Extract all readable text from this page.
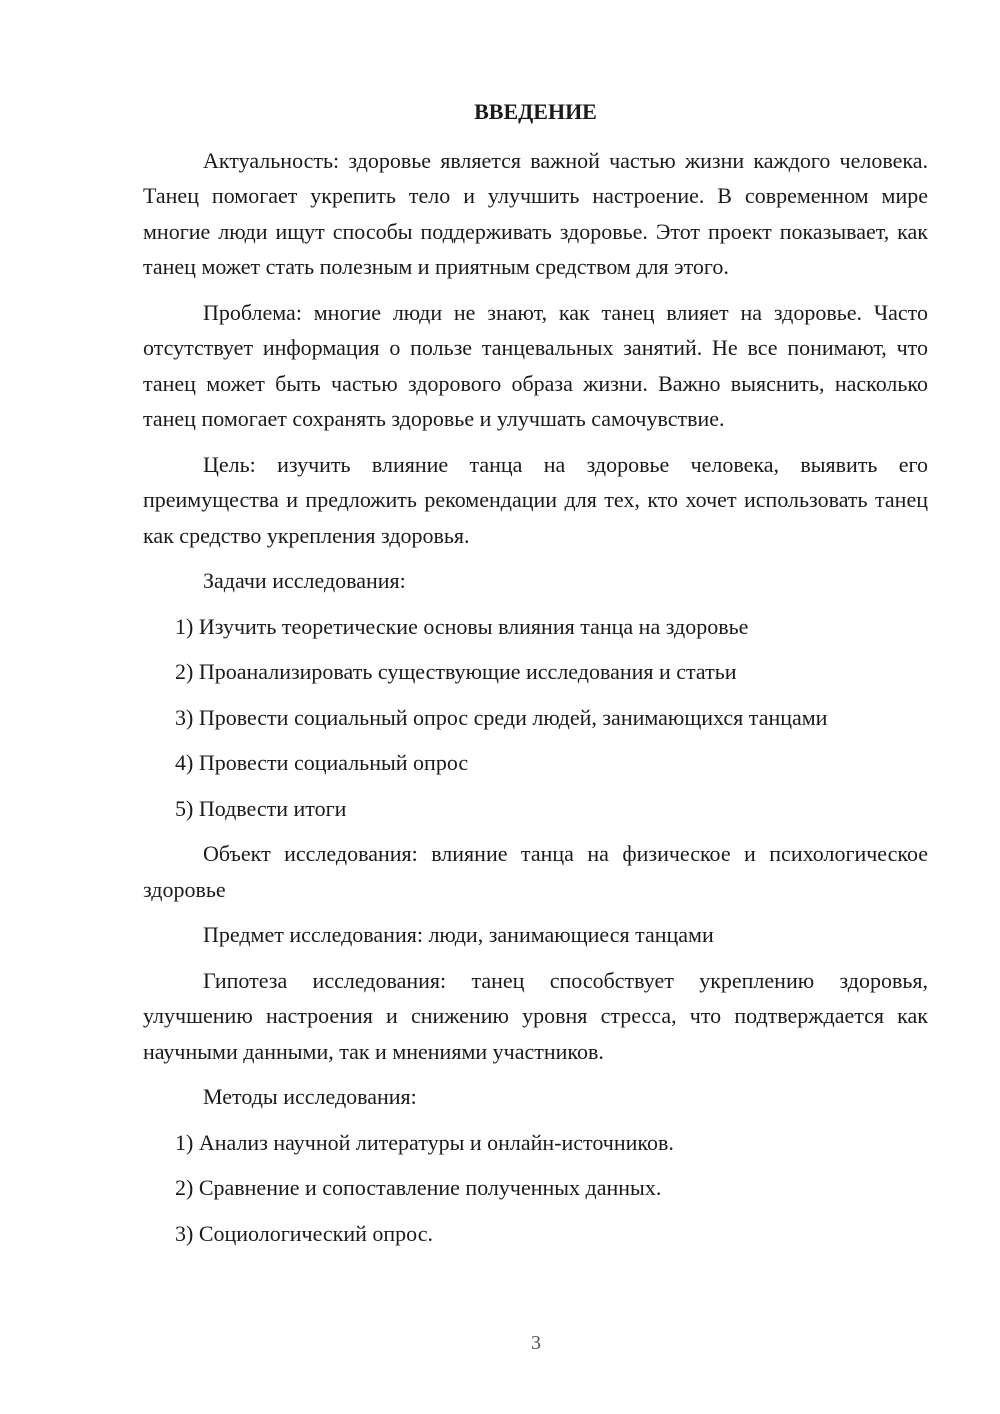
ВВЕДЕНИЕ

Актуальность: здоровье является важной частью жизни каждого человека. Танец помогает укрепить тело и улучшить настроение. В современном мире многие люди ищут способы поддерживать здоровье. Этот проект показывает, как танец может стать полезным и приятным средством для этого.

Проблема: многие люди не знают, как танец влияет на здоровье. Часто отсутствует информация о пользе танцевальных занятий. Не все понимают, что танец может быть частью здорового образа жизни. Важно выяснить, насколько танец помогает сохранять здоровье и улучшать самочувствие.

Цель: изучить влияние танца на здоровье человека, выявить его преимущества и предложить рекомендации для тех, кто хочет использовать танец как средство укрепления здоровья.

Задачи исследования:

1) Изучить теоретические основы влияния танца на здоровье
2) Проанализировать существующие исследования и статьи
3) Провести социальный опрос среди людей, занимающихся танцами
4) Провести социальный опрос
5) Подвести итоги

Объект исследования: влияние танца на физическое и психологическое здоровье

Предмет исследования: люди, занимающиеся танцами

Гипотеза исследования: танец способствует укреплению здоровья, улучшению настроения и снижению уровня стресса, что подтверждается как научными данными, так и мнениями участников.

Методы исследования:

1) Анализ научной литературы и онлайн-источников.
2) Сравнение и сопоставление полученных данных.
3) Социологический опрос.
3
